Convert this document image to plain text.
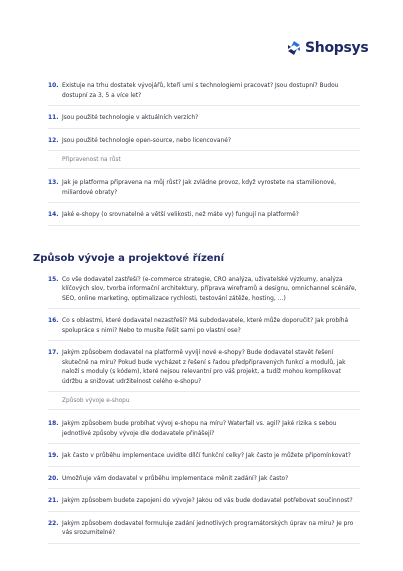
Shopsys
10. Existuje na trhu dostatek vývojářů, kteří umí s technologiemi pracovat? Jsou dostupní? Budou dostupní za 3, 5 a více let?
11. Jsou použité technologie v aktuálních verzích?
12. Jsou použité technologie open-source, nebo licencované?
Připravenost na růst
13. Jak je platforma připravena na můj růst? Jak zvládne provoz, když vyrostete na stamilionové, miliardové obraty?
14. Jaké e-shopy (o srovnatelné a větší velikosti, než máte vy) fungují na platformě?
Způsob vývoje a projektové řízení
15. Co vše dodavatel zastřeší? (e-commerce strategie, CRO analýza, uživatelské výzkumy, analýza klíčových slov, tvorba informační architektury, příprava wireframů a designu, omnichannel scénáře, SEO, online marketing, optimalizace rychlosti, testování zátěže, hosting, …)
16. Co s oblastmi, které dodavatel nezastřeší? Má subdodavatele, které může doporučit? Jak probíhá spolupráce s nimi? Nebo to musíte řešit sami po vlastní ose?
17. Jakým způsobem dodavatel na platformě vyvíjí nové e-shopy? Bude dodavatel stavět řešení skutečně na míru? Pokud bude vycházet z řešení s řadou předpřipravených funkcí a modulů, jak naloží s moduly (s kódem), které nejsou relevantní pro váš projekt, a tudíž mohou komplikovat údržbu a snižovat udržitelnost celého e-shopu?
Způsob vývoje e-shopu
18. Jakým způsobem bude probíhat vývoj e-shopu na míru? Waterfall vs. agil? Jaké rizika s sebou jednotlivé způsoby vývoje dle dodavatele přinášejí?
19. Jak často v průběhu implementace uvidíte dílčí funkční celky? Jak často je můžete připomínkovat?
20. Umožňuje vám dodavatel v průběhu implementace měnit zadání? Jak často?
21. Jakým způsobem budete zapojeni do vývoje? Jakou od vás bude dodavatel potřebovat součinnost?
22. Jakým způsobem dodavatel formuluje zadání jednotlivých programátorských úprav na míru? Je pro vás srozumitelné?
